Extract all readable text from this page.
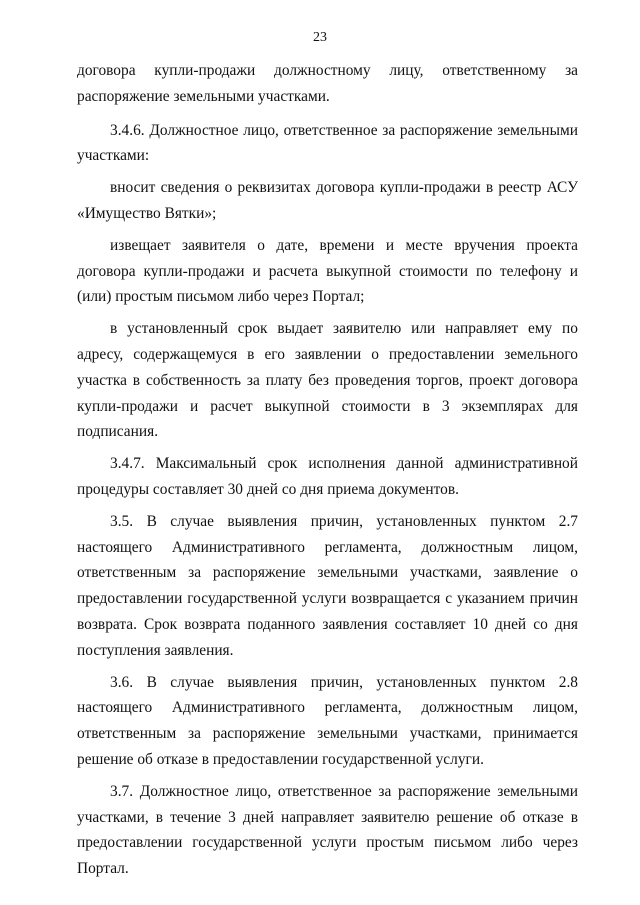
23

договора купли-продажи должностному лицу, ответственному за распоряжение земельными участками.

3.4.6. Должностное лицо, ответственное за распоряжение земельными участками:

вносит сведения о реквизитах договора купли-продажи в реестр АСУ «Имущество Вятки»;

извещает заявителя о дате, времени и месте вручения проекта договора купли-продажи и расчета выкупной стоимости по телефону и (или) простым письмом либо через Портал;

в установленный срок выдает заявителю или направляет ему по адресу, содержащемуся в его заявлении о предоставлении земельного участка в собственность за плату без проведения торгов, проект договора купли-продажи и расчет выкупной стоимости в 3 экземплярах для подписания.

3.4.7. Максимальный срок исполнения данной административной процедуры составляет 30 дней со дня приема документов.

3.5. В случае выявления причин, установленных пунктом 2.7 настоящего Административного регламента, должностным лицом, ответственным за распоряжение земельными участками, заявление о предоставлении государственной услуги возвращается с указанием причин возврата. Срок возврата поданного заявления составляет 10 дней со дня поступления заявления.

3.6. В случае выявления причин, установленных пунктом 2.8 настоящего Административного регламента, должностным лицом, ответственным за распоряжение земельными участками, принимается решение об отказе в предоставлении государственной услуги.

3.7. Должностное лицо, ответственное за распоряжение земельными участками, в течение 3 дней направляет заявителю решение об отказе в предоставлении государственной услуги простым письмом либо через Портал.
